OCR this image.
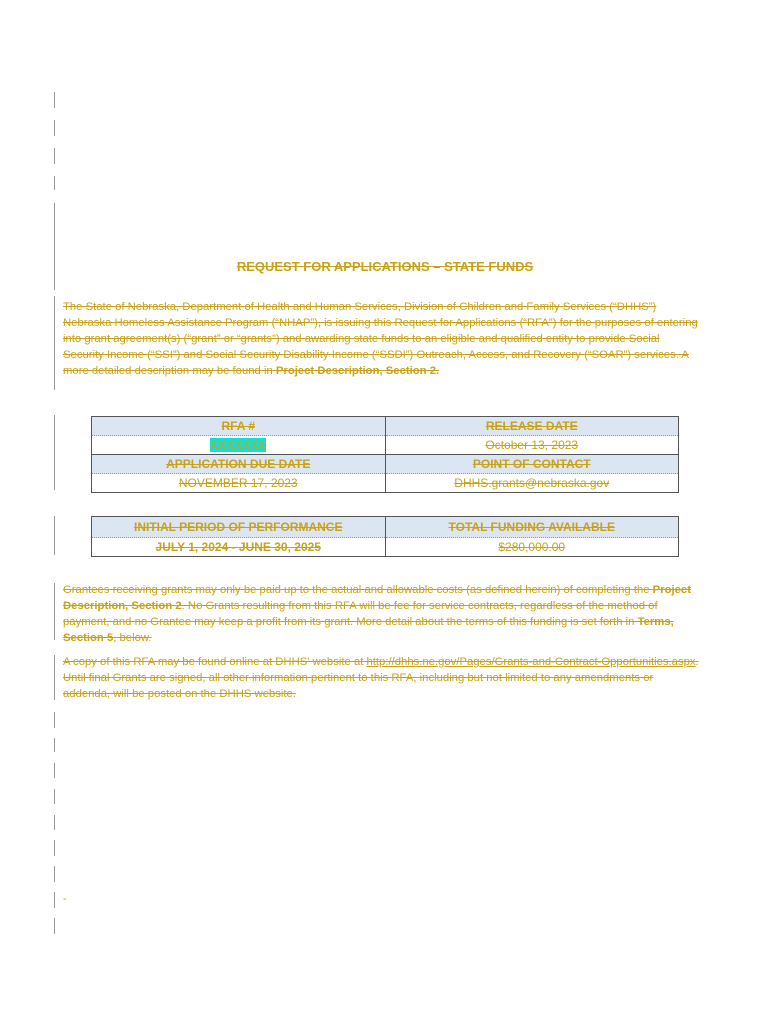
REQUEST FOR APPLICATIONS – STATE FUNDS
The State of Nebraska, Department of Health and Human Services, Division of Children and Family Services (“DHHS”) Nebraska Homeless Assistance Program (“NHAP”), is issuing this Request for Applications (“RFA”) for the purposes of entering into grant agreement(s) (“grant” or “grants”) and awarding state funds to an eligible and qualified entity to provide Social Security Income (“SSI”) and Social Security Disability Income (“SSDI”) Outreach, Access, and Recovery (“SOAR”) services. A more detailed description may be found in Project Description, Section 2.
RFA #	RELEASE DATE
XXXXXXX	October 13, 2023
APPLICATION DUE DATE	POINT OF CONTACT
NOVEMBER 17, 2023	DHHS.grants@nebraska.gov
INITIAL PERIOD OF PERFORMANCE	TOTAL FUNDING AVAILABLE
JULY 1, 2024 - JUNE 30, 2025	$280,000.00
Grantees receiving grants may only be paid up to the actual and allowable costs (as defined herein) of completing the Project Description, Section 2. No Grants resulting from this RFA will be fee for service contracts, regardless of the method of payment, and no Grantee may keep a profit from its grant. More detail about the terms of this funding is set forth in Terms, Section 5, below.
A copy of this RFA may be found online at DHHS’ website at http://dhhs.ne.gov/Pages/Grants-and-Contract-Opportunities.aspx. Until final Grants are signed, all other information pertinent to this RFA, including but not limited to any amendments or addenda, will be posted on the DHHS website.
-
